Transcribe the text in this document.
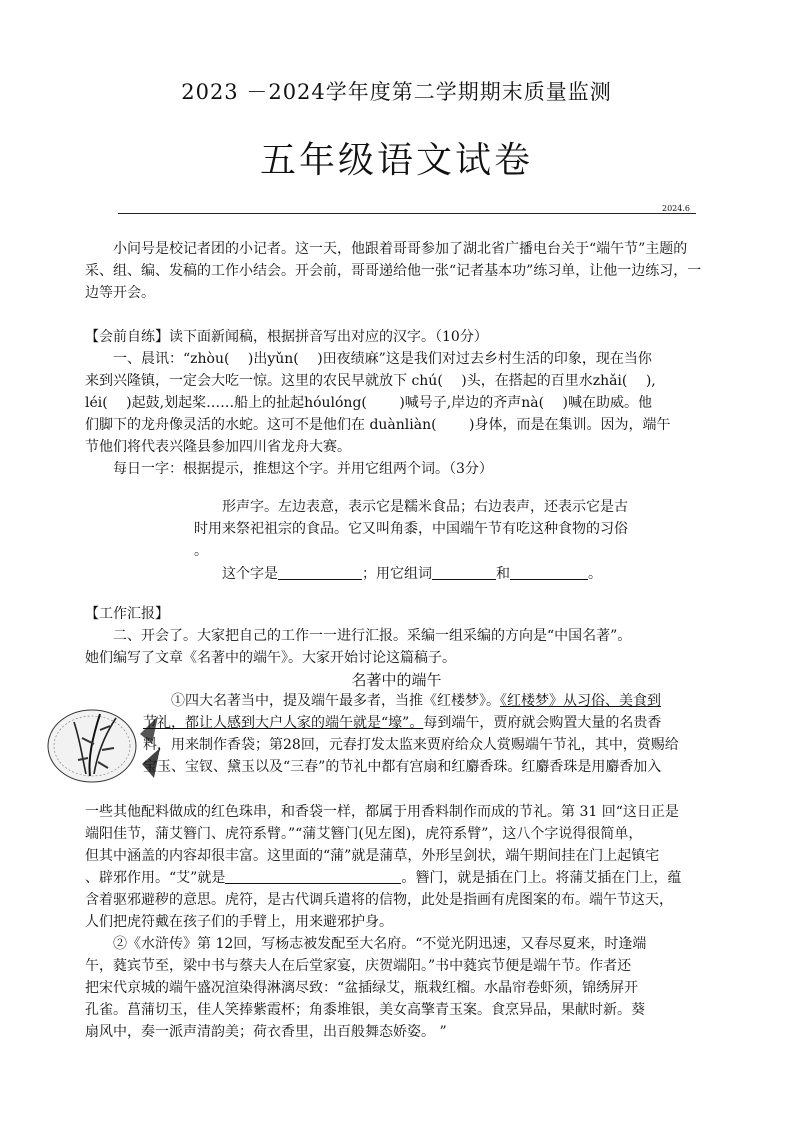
2023 －2024学年度第二学期期末质量监测
五年级语文试卷
2024.6

小问号是校记者团的小记者。这一天，他跟着哥哥参加了湖北省广播电台关于“端午节”主题的采、组、编、发稿的工作小结会。开会前，哥哥递给他一张“记者基本功”练习单，让他一边练习，一边等开会。

【会前自练】读下面新闻稿，根据拼音写出对应的汉字。（10分）

一、晨讯：“zhòu(　 )出yǔn(　 )田夜绩麻”这是我们对过去乡村生活的印象，现在当你

来到兴隆镇，一定会大吃一惊。这里的农民早就放下 chú(　 )头，在搭起的百里水zhǎi(　 ),

léi(　 )起鼓,划起桨……船上的扯起hóulóng(　　 )喊号子,岸边的齐声nà(　 )喊在助威。他

们脚下的龙舟像灵活的水蛇。这可不是他们在 duànliàn(　　 )身体，而是在集训。因为，端午

节他们将代表兴隆县参加四川省龙舟大赛。

每日一字：根据提示，推想这个字。并用它组两个词。（3分）

形声字。左边表意，表示它是糯米食品；右边表声，还表示它是古

时用来祭祀祖宗的食品。它又叫角黍，中国端午节有吃这种食物的习俗

。

这个字是	；用它组词	和	。

【工作汇报】

二、开会了。大家把自己的工作一一进行汇报。采编一组采编的方向是“中国名著”。

她们编写了文章《名著中的端午》。大家开始讨论这篇稿子。

名著中的端午

①四大名著当中，提及端午最多者，当推《红楼梦》。《红楼梦》从习俗、美食到

节礼，都让人感到大户人家的端午就是“壕”。每到端午，贾府就会购置大量的名贵香

料，用来制作香袋；第28回，元春打发太监来贾府给众人赏赐端午节礼，其中，赏赐给

宝玉、宝钗、黛玉以及“三春”的节礼中都有宫扇和红麝香珠。红麝香珠是用麝香加入

一些其他配料做成的红色珠串，和香袋一样，都属于用香料制作而成的节礼。第 31 回“这日正是

端阳佳节，蒲艾簪门、虎符系臂。”“蒲艾簪门(见左图)，虎符系臂”，这八个字说得很简单，

但其中涵盖的内容却很丰富。这里面的“蒲”就是蒲草，外形呈剑状，端午期间挂在门上起镇宅

、辟邪作用。“艾”就是	。簪门，就是插在门上。将蒲艾插在门上，蕴

含着驱邪避秽的意思。虎符，是古代调兵遣将的信物，此处是指画有虎图案的布。端午节这天，

人们把虎符戴在孩子们的手臂上，用来避邪护身。

②《水浒传》第 12回，写杨志被发配至大名府。“不觉光阴迅速，又春尽夏来，时逢端

午，蕤宾节至，梁中书与蔡夫人在后堂家宴，庆贺端阳。”书中蕤宾节便是端午节。作者还

把宋代京城的端午盛况渲染得淋漓尽致：“盆插绿艾，瓶栽红榴。水晶帘卷虾须，锦绣屏开

孔雀。菖蒲切玉，佳人笑捧紫霞杯；角黍堆银，美女高擎青玉案。食烹异品，果献时新。葵

扇风中，奏一派声清韵美；荷衣香里，出百般舞态娇姿。 ”
